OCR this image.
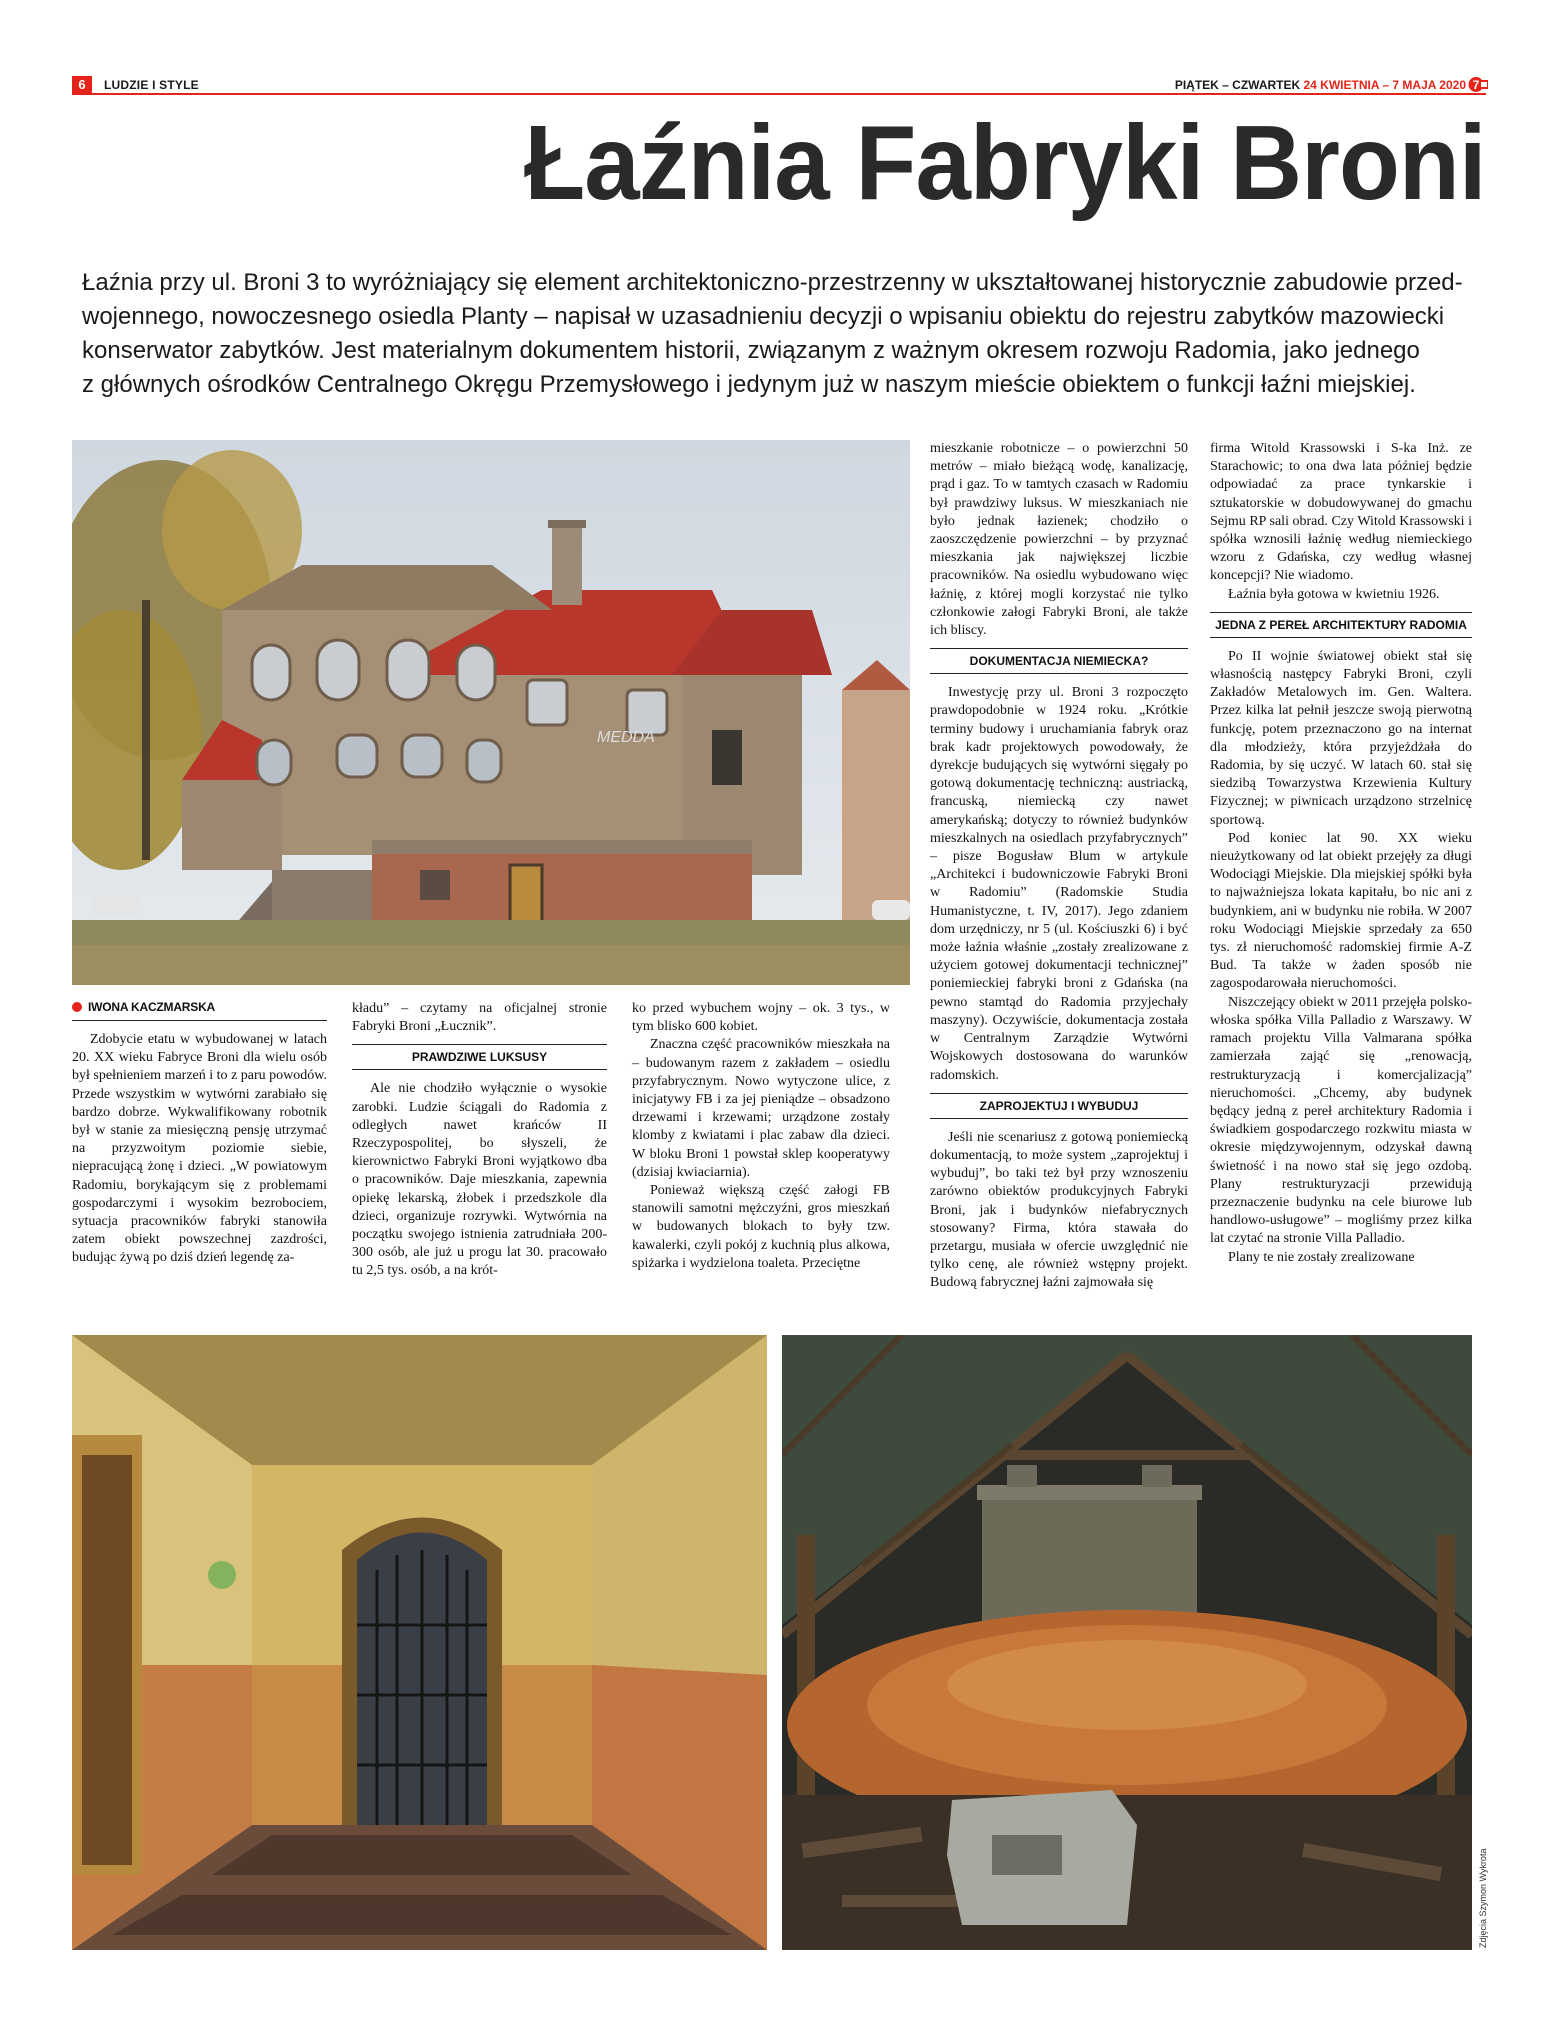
6	LUDZIE I STYLE	PIĄTEK – CZWARTEK 24 KWIETNIA – 7 MAJA 2020 7
Łaźnia Fabryki Broni

Łaźnia przy ul. Broni 3 to wyróżniający się element architektoniczno-przestrzenny w ukształtowanej historycznie zabudowie przed-

wojennego, nowoczesnego osiedla Planty – napisał w uzasadnieniu decyzji o wpisaniu obiektu do rejestru zabytków mazowiecki

konserwator zabytków. Jest materialnym dokumentem historii, związanym z ważnym okresem rozwoju Radomia, jako jednego

z głównych ośrodków Centralnego Okręgu Przemysłowego i jedynym już w naszym mieście obiektem o funkcji łaźni miejskiej.

MEDDA
IWONA KACZMARSKA

Zdobycie etatu w wybudowanej w latach 20. XX wieku Fabryce Broni dla wielu osób był spełnieniem marzeń i to z paru powodów. Przede wszystkim w wytwórni zarabiało się bardzo dobrze. Wykwalifikowany robotnik był w stanie za miesięczną pensję utrzymać na przyzwoitym poziomie siebie, niepracującą żonę i dzieci. „W powiatowym Radomiu, borykającym się z problemami gospodarczymi i wysokim bezrobociem, sytuacja pracowników fabryki stanowiła zatem obiekt powszechnej zazdrości, budując żywą po dziś dzień legendę za-

kładu” – czytamy na oficjalnej stronie Fabryki Broni „Łucznik”.

PRAWDZIWE LUKSUSY

Ale nie chodziło wyłącznie o wysokie zarobki. Ludzie ściągali do Radomia z odległych nawet krańców II Rzeczypospolitej, bo słyszeli, że kierownictwo Fabryki Broni wyjątkowo dba o pracowników. Daje mieszkania, zapewnia opiekę lekarską, żłobek i przedszkole dla dzieci, organizuje rozrywki. Wytwórnia na początku swojego istnienia zatrudniała 200-300 osób, ale już u progu lat 30. pracowało tu 2,5 tys. osób, a na krót-

ko przed wybuchem wojny – ok. 3 tys., w tym blisko 600 kobiet.

Znaczna część pracowników mieszkała na – budowanym razem z zakładem – osiedlu przyfabrycznym. Nowo wytyczone ulice, z inicjatywy FB i za jej pieniądze – obsadzono drzewami i krzewami; urządzone zostały klomby z kwiatami i plac zabaw dla dzieci. W bloku Broni 1 powstał sklep kooperatywy (dzisiaj kwiaciarnia).

Ponieważ większą część załogi FB stanowili samotni mężczyźni, gros mieszkań w budowanych blokach to były tzw. kawalerki, czyli pokój z kuchnią plus alkowa, spiżarka i wydzielona toaleta. Przeciętne

mieszkanie robotnicze – o powierzchni 50 metrów – miało bieżącą wodę, kanalizację, prąd i gaz. To w tamtych czasach w Radomiu był prawdziwy luksus. W mieszkaniach nie było jednak łazienek; chodziło o zaoszczędzenie powierzchni – by przyznać mieszkania jak największej liczbie pracowników. Na osiedlu wybudowano więc łaźnię, z której mogli korzystać nie tylko członkowie załogi Fabryki Broni, ale także ich bliscy.

DOKUMENTACJA NIEMIECKA?

Inwestycję przy ul. Broni 3 rozpoczęto prawdopodobnie w 1924 roku. „Krótkie terminy budowy i uruchamiania fabryk oraz brak kadr projektowych powodowały, że dyrekcje budujących się wytwórni sięgały po gotową dokumentację techniczną: austriacką, francuską, niemiecką czy nawet amerykańską; dotyczy to również budynków mieszkalnych na osiedlach przyfabrycznych” – pisze Bogusław Blum w artykule „Architekci i budowniczowie Fabryki Broni w Radomiu” (Radomskie Studia Humanistyczne, t. IV, 2017). Jego zdaniem dom urzędniczy, nr 5 (ul. Kościuszki 6) i być może łaźnia właśnie „zostały zrealizowane z użyciem gotowej dokumentacji technicznej” poniemieckiej fabryki broni z Gdańska (na pewno stamtąd do Radomia przyjechały maszyny). Oczywiście, dokumentacja została w Centralnym Zarządzie Wytwórni Wojskowych dostosowana do warunków radomskich.

ZAPROJEKTUJ I WYBUDUJ

Jeśli nie scenariusz z gotową poniemiecką dokumentacją, to może system „zaprojektuj i wybuduj”, bo taki też był przy wznoszeniu zarówno obiektów produkcyjnych Fabryki Broni, jak i budynków niefabrycznych stosowany? Firma, która stawała do przetargu, musiała w ofercie uwzględnić nie tylko cenę, ale również wstępny projekt. Budową fabrycznej łaźni zajmowała się

firma Witold Krassowski i S-ka Inż. ze Starachowic; to ona dwa lata później będzie odpowiadać za prace tynkarskie i sztukatorskie w dobudowywanej do gmachu Sejmu RP sali obrad. Czy Witold Krassowski i spółka wznosili łaźnię według niemieckiego wzoru z Gdańska, czy według własnej koncepcji? Nie wiadomo.

Łaźnia była gotowa w kwietniu 1926.

JEDNA Z PEREŁ ARCHITEKTURY RADOMIA

Po II wojnie światowej obiekt stał się własnością następcy Fabryki Broni, czyli Zakładów Metalowych im. Gen. Waltera. Przez kilka lat pełnił jeszcze swoją pierwotną funkcję, potem przeznaczono go na internat dla młodzieży, która przyjeżdżała do Radomia, by się uczyć. W latach 60. stał się siedzibą Towarzystwa Krzewienia Kultury Fizycznej; w piwnicach urządzono strzelnicę sportową.

Pod koniec lat 90. XX wieku nieużytkowany od lat obiekt przejęły za długi Wodociągi Miejskie. Dla miejskiej spółki była to najważniejsza lokata kapitału, bo nic ani z budynkiem, ani w budynku nie robiła. W 2007 roku Wodociągi Miejskie sprzedały za 650 tys. zł nieruchomość radomskiej firmie A-Z Bud. Ta także w żaden sposób nie zagospodarowała nieruchomości.

Niszczejący obiekt w 2011 przejęła polsko-włoska spółka Villa Palladio z Warszawy. W ramach projektu Villa Valmarana spółka zamierzała zająć się „renowacją, restrukturyzacją i komercjalizacją” nieruchomości. „Chcemy, aby budynek będący jedną z pereł architektury Radomia i świadkiem gospodarczego rozkwitu miasta w okresie międzywojennym, odzyskał dawną świetność i na nowo stał się jego ozdobą. Plany restrukturyzacji przewidują przeznaczenie budynku na cele biurowe lub handlowo-usługowe” – mogliśmy przez kilka lat czytać na stronie Villa Palladio.

Plany te nie zostały zrealizowane

Zdjęcia Szymon Wykrota
